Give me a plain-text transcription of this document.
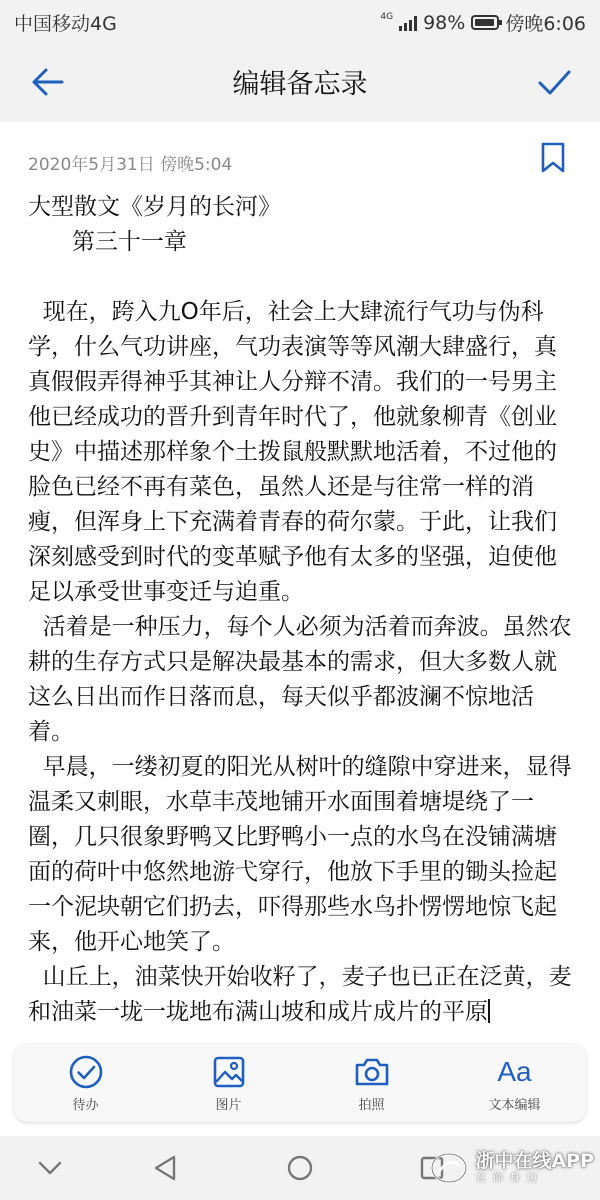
中国移动4G	4G 98% 傍晚6:06
编辑备忘录
2020年5月31日 傍晚5:04
大型散文《岁月的长河》
第三十一章

现在，跨入九O年后，社会上大肆流行气功与伪科学，什么气功讲座，气功表演等等风潮大肆盛行，真真假假弄得神乎其神让人分辩不清。我们的一号男主他已经成功的晋升到青年时代了，他就象柳青《创业史》中描述那样象个土拨鼠般默默地活着，不过他的脸色已经不再有菜色，虽然人还是与往常一样的消瘦，但浑身上下充满着青春的荷尔蒙。于此，让我们深刻感受到时代的变革赋予他有太多的坚强，迫使他足以承受世事变迁与迫重。
活着是一种压力，每个人必须为活着而奔波。虽然农耕的生存方式只是解决最基本的需求，但大多数人就这么日出而作日落而息，每天似乎都波澜不惊地活着。
早晨，一缕初夏的阳光从树叶的缝隙中穿进来，显得温柔又刺眼，水草丰茂地铺开水面围着塘堤绕了一圈，几只很象野鸭又比野鸭小一点的水鸟在没铺满塘面的荷叶中悠然地游弋穿行，他放下手里的锄头捡起一个泥块朝它们扔去，吓得那些水鸟扑愣愣地惊飞起来，他开心地笑了。
山丘上，油菜快开始收籽了，麦子也已正在泛黄，麦和油菜一垅一垅地布满山坡和成片成片的平原
待办	图片	拍照
Aa
文本编辑
浙中在线APP
在你身边
